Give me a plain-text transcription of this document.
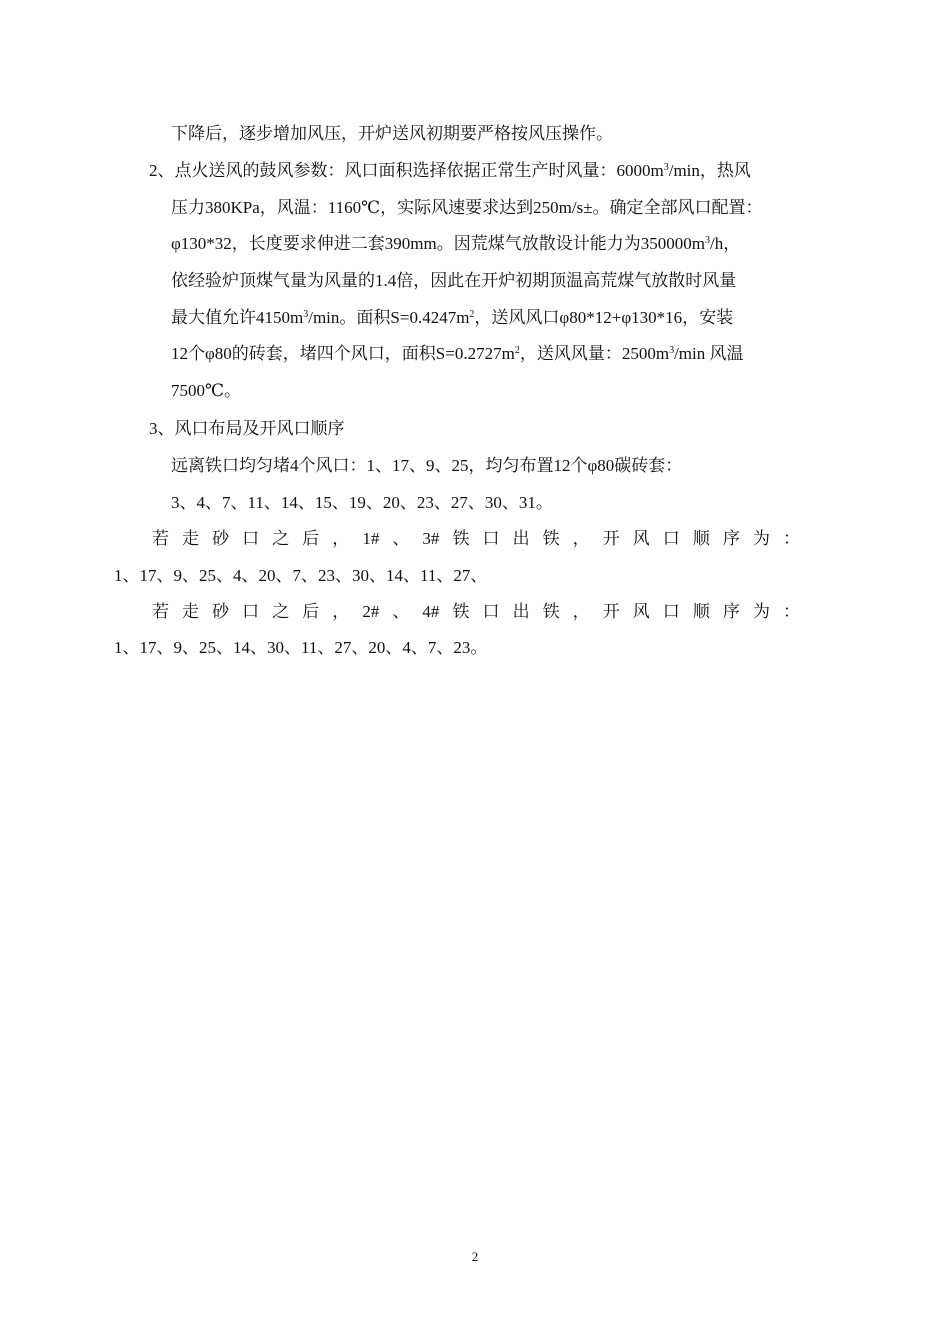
下降后，逐步增加风压，开炉送风初期要严格按风压操作。
2、点火送风的鼓风参数：风口面积选择依据正常生产时风量：$6000m^3/\min$，热风
压力380KPa，风温：1160℃，实际风速要求达到250m/s±。确定全部风口配置：
φ130*32，长度要求伸进二套390mm。因荒煤气放散设计能力为$350000m^3/h$，
依经验炉顶煤气量为风量的1.4倍，因此在开炉初期顶温高荒煤气放散时风量
最大值允许$4150m^3/\min$。面积$S=0.4247m^2$，送风风口φ80*12+φ130*16，安装
12个φ80的砖套，堵四个风口，面积$S=0.2727m^2$，送风风量：$2500m^3/\min$ 风温
7500℃。
3、风口布局及开风口顺序
远离铁口均匀堵4个风口：1、17、9、25，均匀布置12个φ80碳砖套：
3、4、7、11、14、15、19、20、23、27、30、31。
若走砂口之后，1#、3#铁口出铁，开风口顺序为：
1、17、9、25、4、20、7、23、30、14、11、27、
若走砂口之后，2#、4#铁口出铁，开风口顺序为：
1、17、9、25、14、30、11、27、20、4、7、23。
2
